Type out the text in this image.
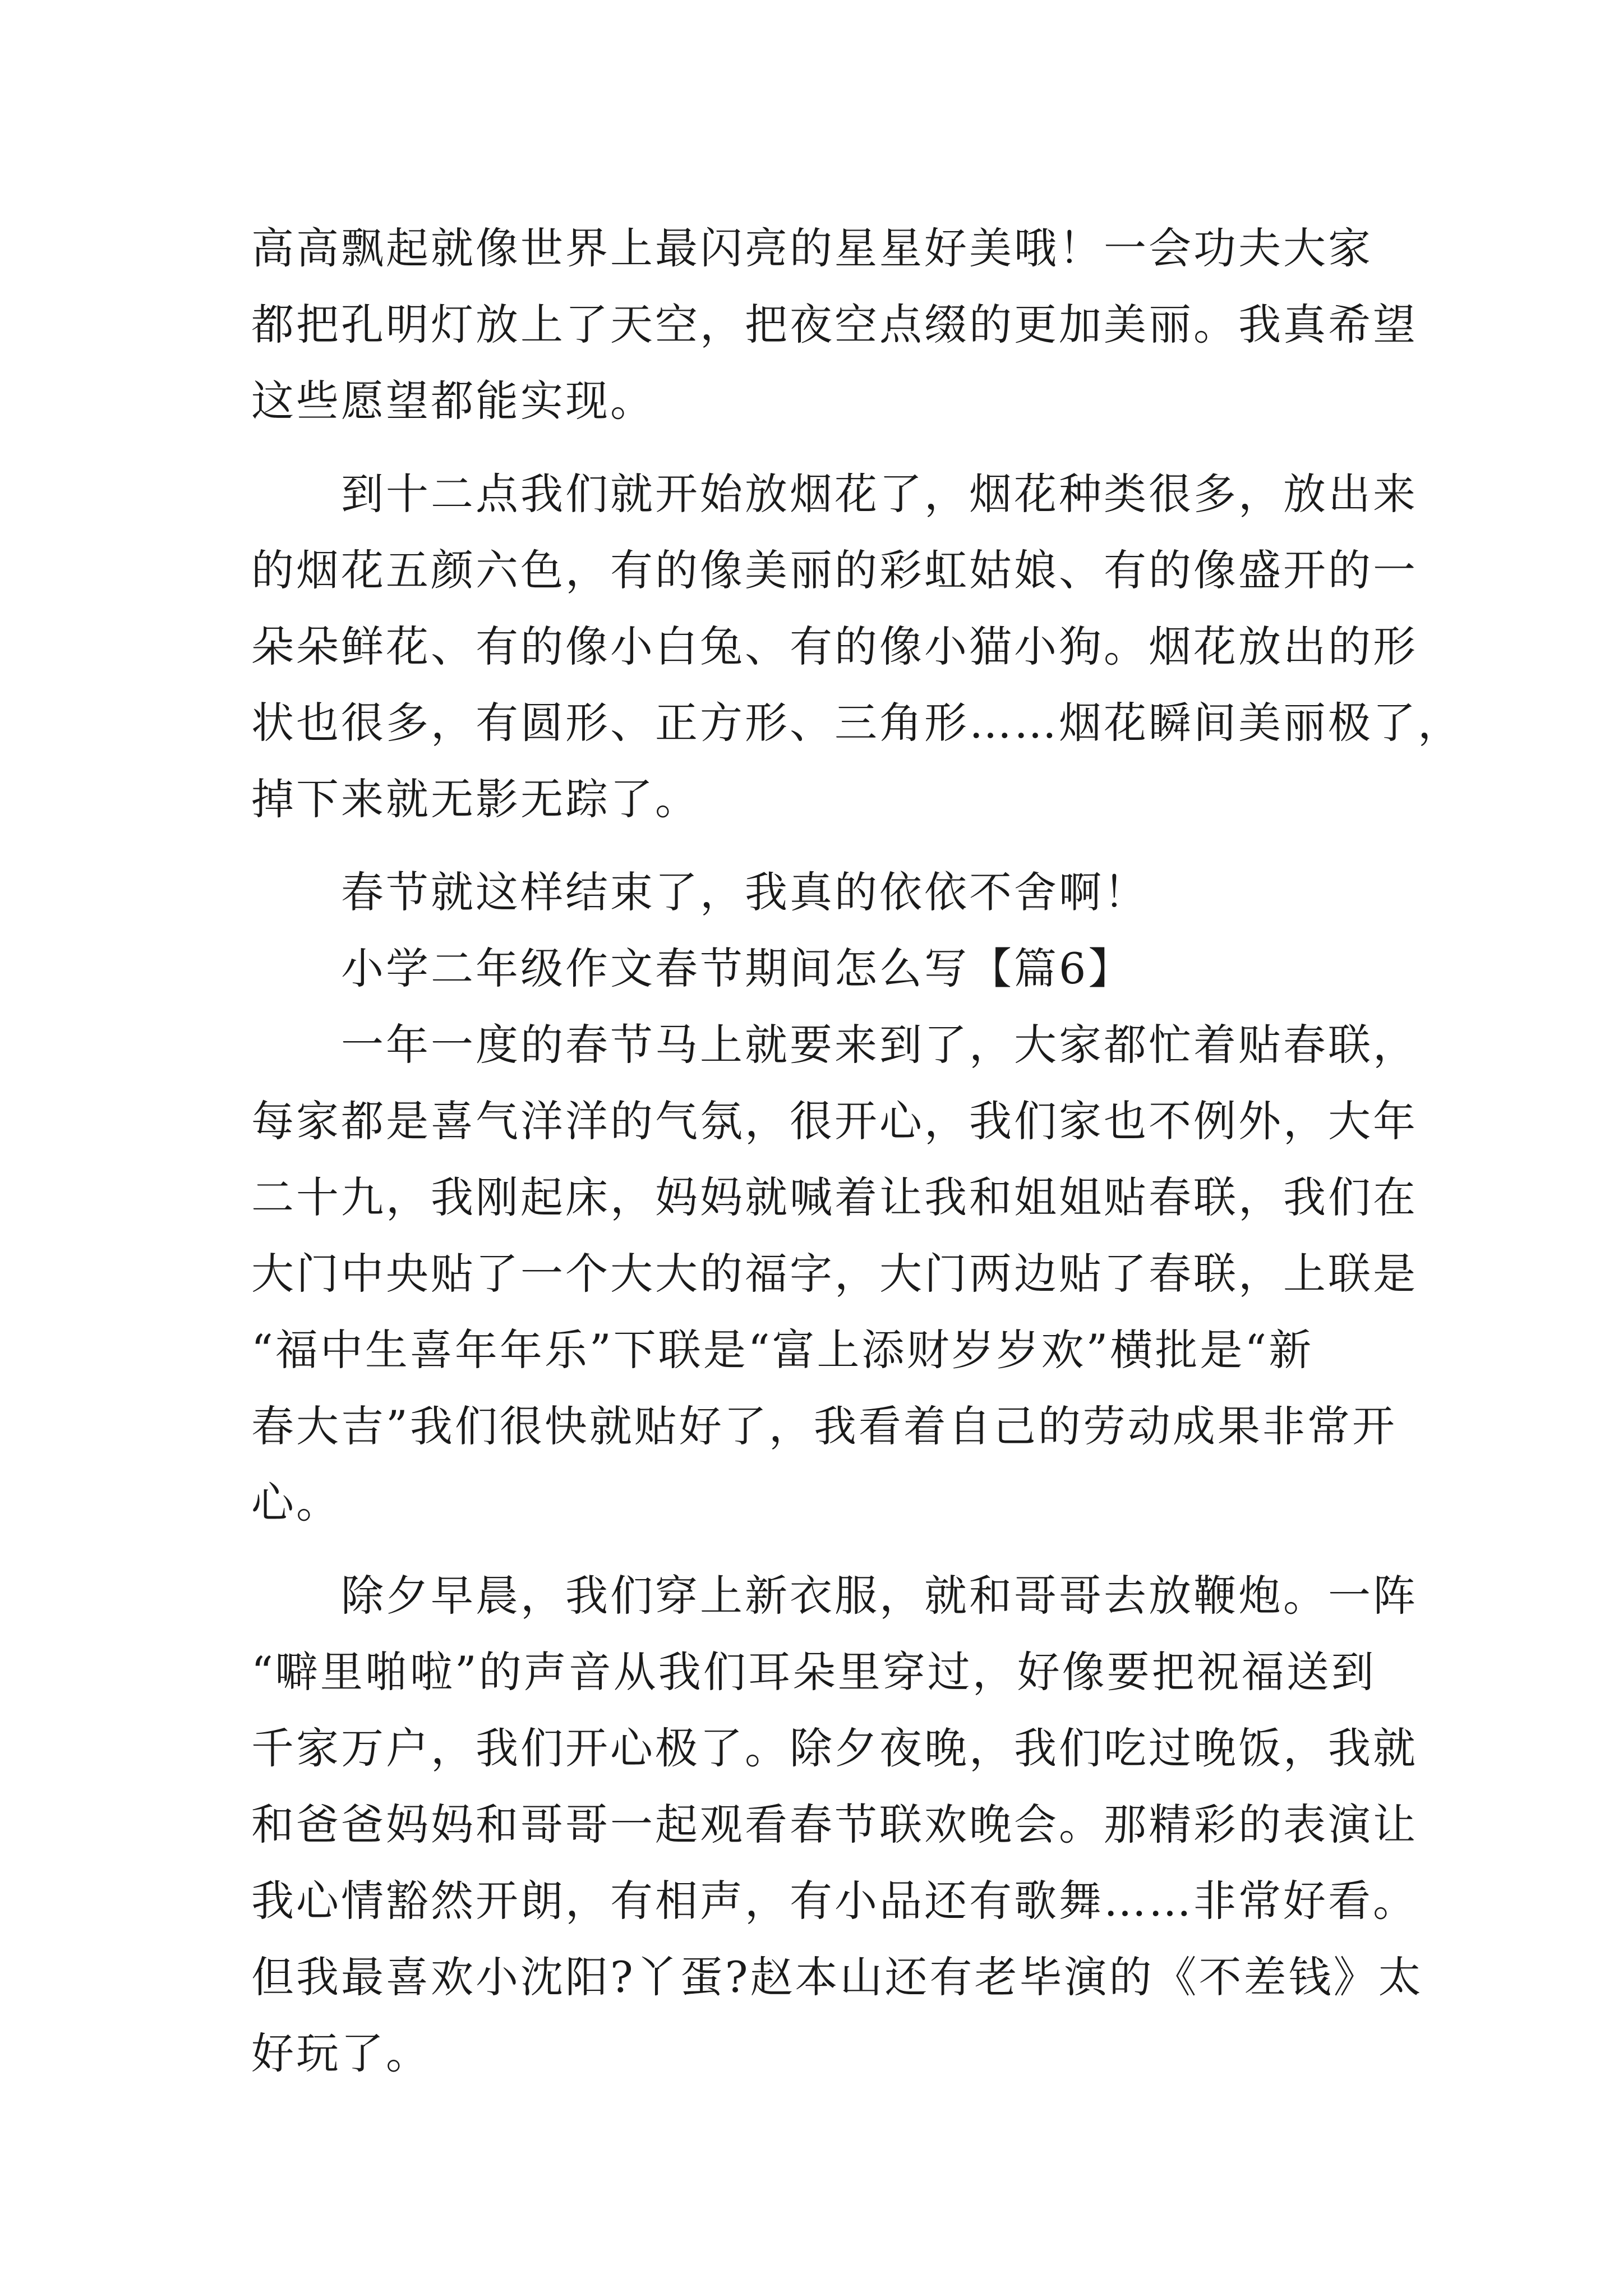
高高飘起就像世界上最闪亮的星星好美哦！一会功夫大家
都把孔明灯放上了天空，把夜空点缀的更加美丽。我真希望
这些愿望都能实现。
到十二点我们就开始放烟花了，烟花种类很多，放出来
的烟花五颜六色，有的像美丽的彩虹姑娘、有的像盛开的一
朵朵鲜花、有的像小白兔、有的像小猫小狗。烟花放出的形
状也很多，有圆形、正方形、三角形……烟花瞬间美丽极了，
掉下来就无影无踪了。
春节就这样结束了，我真的依依不舍啊！
小学二年级作文春节期间怎么写【篇6】
一年一度的春节马上就要来到了，大家都忙着贴春联，
每家都是喜气洋洋的气氛，很开心，我们家也不例外，大年
二十九，我刚起床，妈妈就喊着让我和姐姐贴春联，我们在
大门中央贴了一个大大的福字，大门两边贴了春联，上联是
“福中生喜年年乐”下联是“富上添财岁岁欢”横批是“新
春大吉”我们很快就贴好了，我看着自己的劳动成果非常开
心。
除夕早晨，我们穿上新衣服，就和哥哥去放鞭炮。一阵
“噼里啪啦”的声音从我们耳朵里穿过，好像要把祝福送到
千家万户，我们开心极了。除夕夜晚，我们吃过晚饭，我就
和爸爸妈妈和哥哥一起观看春节联欢晚会。那精彩的表演让
我心情豁然开朗，有相声，有小品还有歌舞……非常好看。
但我最喜欢小沈阳?丫蛋?赵本山还有老毕演的《不差钱》太
好玩了。
